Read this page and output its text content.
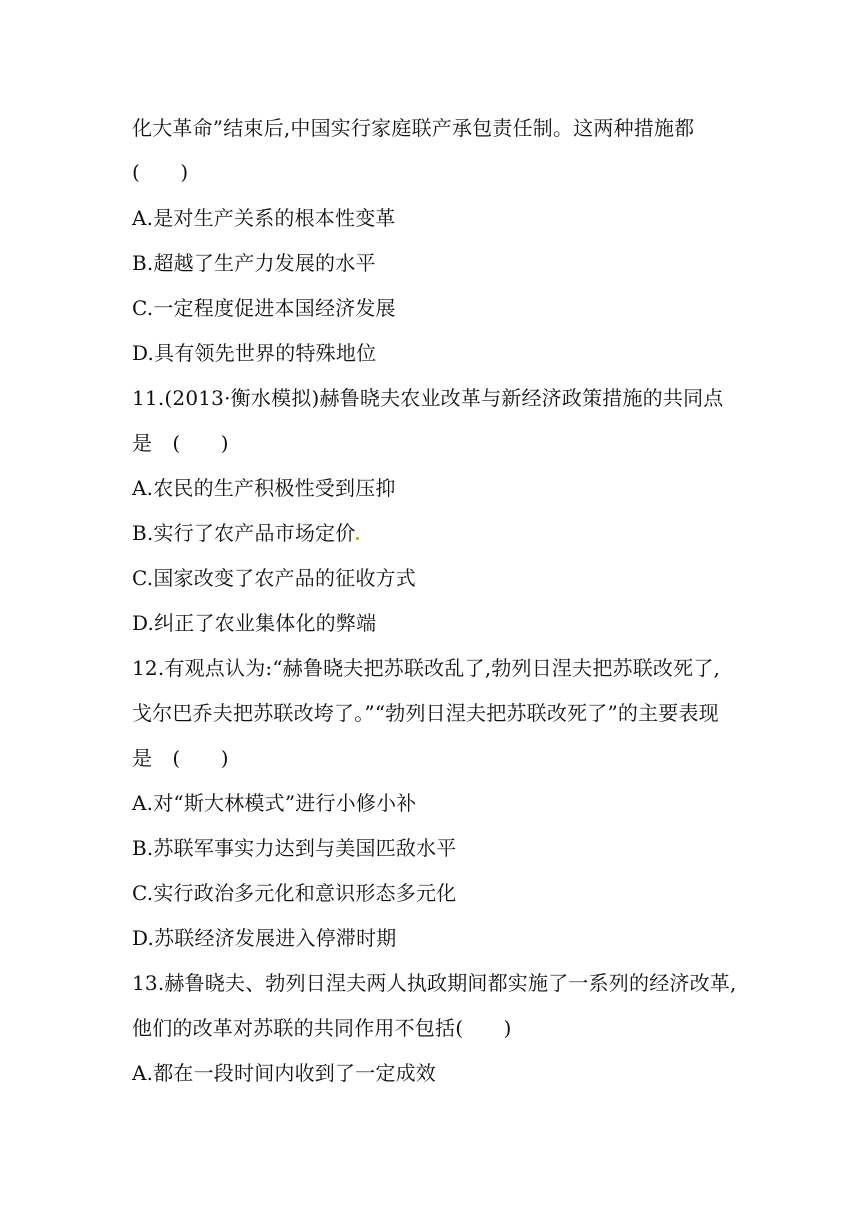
化大革命”结束后,中国实行家庭联产承包责任制。这两种措施都
(　　)
A.是对生产关系的根本性变革
B.超越了生产力发展的水平
C.一定程度促进本国经济发展
D.具有领先世界的特殊地位
11.(2013·衡水模拟)赫鲁晓夫农业改革与新经济政策措施的共同点
是　(　　)
A.农民的生产积极性受到压抑
B.实行了农产品市场定价
C.国家改变了农产品的征收方式
D.纠正了农业集体化的弊端
12.有观点认为:“赫鲁晓夫把苏联改乱了,勃列日涅夫把苏联改死了,
戈尔巴乔夫把苏联改垮了。”“勃列日涅夫把苏联改死了”的主要表现
是　(　　)
A.对“斯大林模式”进行小修小补
B.苏联军事实力达到与美国匹敌水平
C.实行政治多元化和意识形态多元化
D.苏联经济发展进入停滞时期
13.赫鲁晓夫、勃列日涅夫两人执政期间都实施了一系列的经济改革,
他们的改革对苏联的共同作用不包括(　　)
A.都在一段时间内收到了一定成效
